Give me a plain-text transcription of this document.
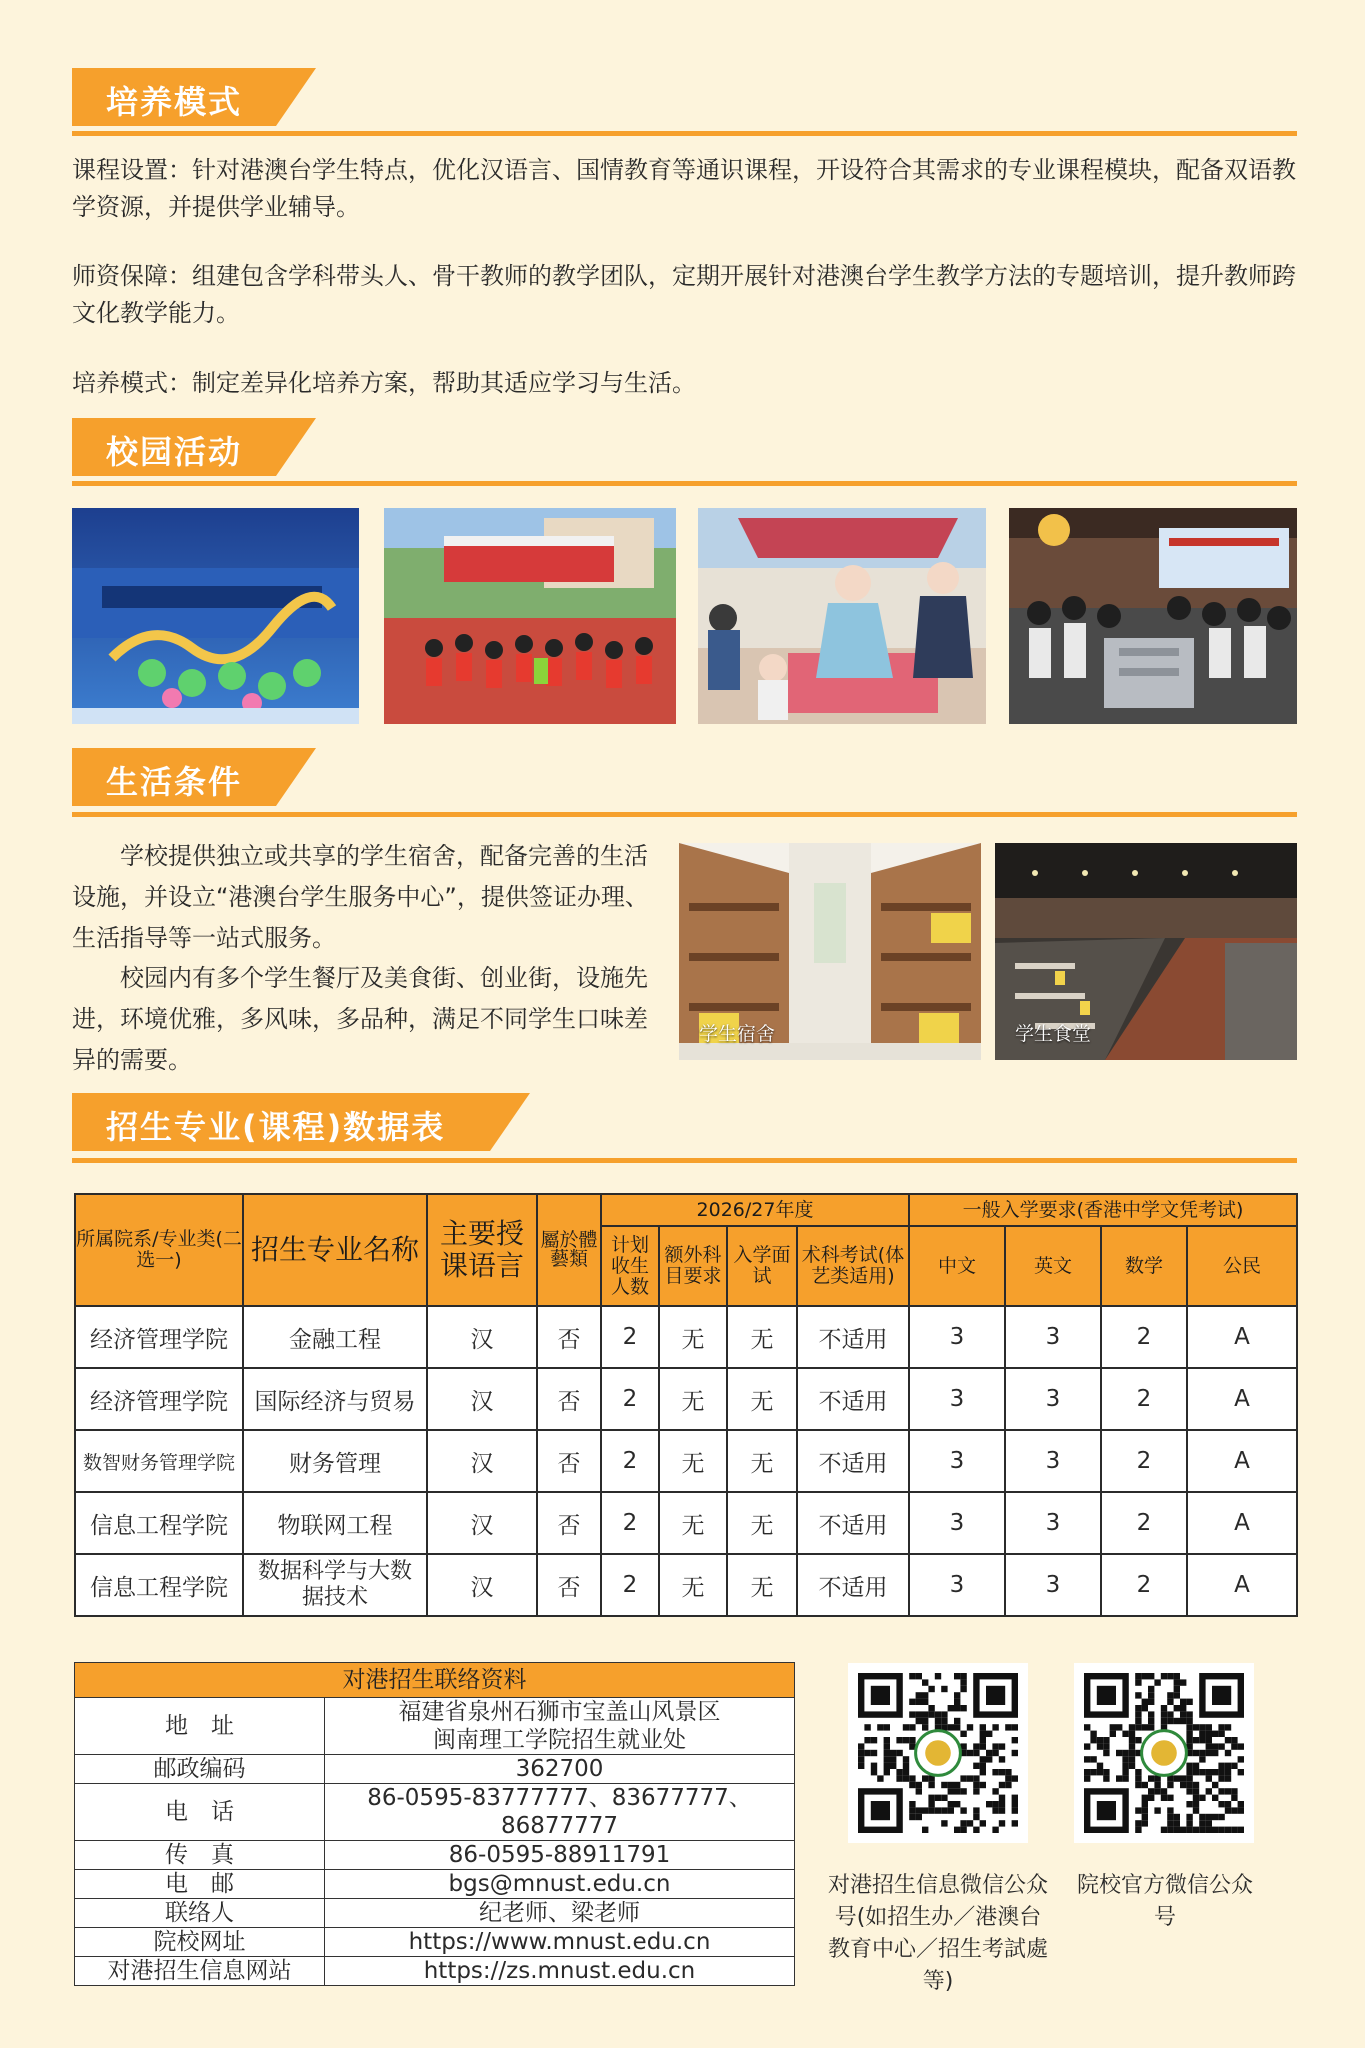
培养模式
课程设置：针对港澳台学生特点，优化汉语言、国情教育等通识课程，开设符合其需求的专业课程模块，配备双语教学资源，并提供学业辅导。
师资保障：组建包含学科带头人、骨干教师的教学团队，定期开展针对港澳台学生教学方法的专题培训，提升教师跨文化教学能力。
培养模式：制定差异化培养方案，帮助其适应学习与生活。
校园活动
生活条件
学校提供独立或共享的学生宿舍，配备完善的生活设施，并设立“港澳台学生服务中心”，提供签证办理、生活指导等一站式服务。
校园内有多个学生餐厅及美食街、创业街，设施先进，环境优雅，多风味，多品种，满足不同学生口味差异的需要。
学生宿舍	学生食堂
招生专业(课程)数据表
所属院系/专业类(二选一)	招生专业名称	主要授课语言	屬於體藝類	2026/27年度				一般入学要求(香港中学文凭考试)			
				计划收生人数	额外科目要求	入学面试	术科考试(体艺类适用)	中文	英文	数学	公民
经济管理学院	金融工程	汉	否	2	无	无	不适用	3	3	2	A
经济管理学院	国际经济与贸易	汉	否	2	无	无	不适用	3	3	2	A
数智财务管理学院	财务管理	汉	否	2	无	无	不适用	3	3	2	A
信息工程学院	物联网工程	汉	否	2	无	无	不适用	3	3	2	A
信息工程学院	数据科学与大数据技术	汉	否	2	无	无	不适用	3	3	2	A
对港招生联络资料	
地　址	福建省泉州石狮市宝盖山风景区
闽南理工学院招生就业处

邮政编码	362700

电　话	86-0595-83777777、83677777、86877777

传　真	86-0595-88911791

电　邮	bgs@mnust.edu.cn

联络人	纪老师、梁老师

院校网址	https://www.mnust.edu.cn

对港招生信息网站	https://zs.mnust.edu.cn
对港招生信息微信公众号(如招生办／港澳台教育中心／招生考試處等)
院校官方微信公众号
